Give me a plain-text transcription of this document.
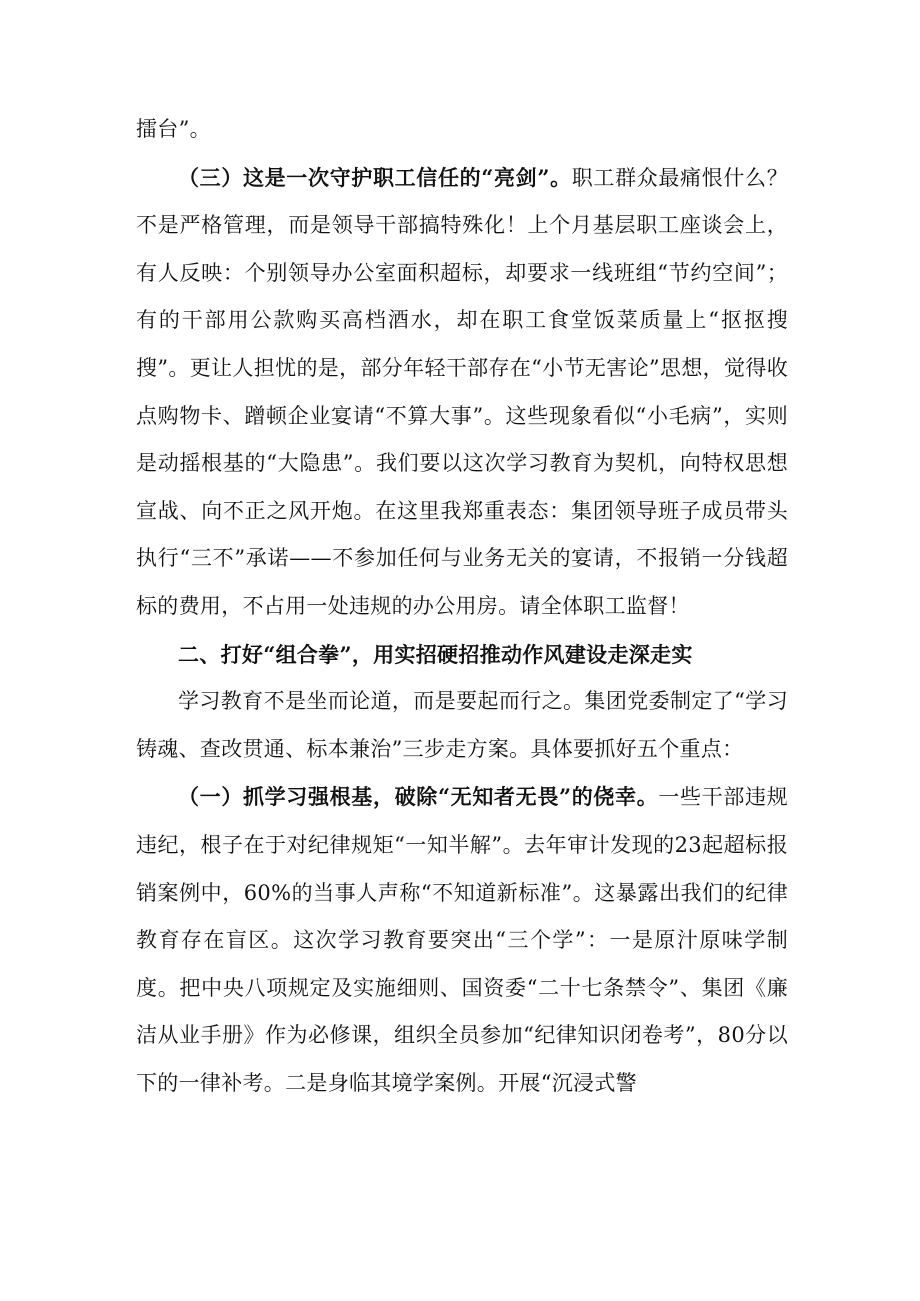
擂台”。

（三）这是一次守护职工信任的“亮剑”。职工群众最痛恨什么？不是严格管理，而是领导干部搞特殊化！上个月基层职工座谈会上，有人反映：个别领导办公室面积超标，却要求一线班组“节约空间”；有的干部用公款购买高档酒水，却在职工食堂饭菜质量上“抠抠搜搜”。更让人担忧的是，部分年轻干部存在“小节无害论”思想，觉得收点购物卡、蹭顿企业宴请“不算大事”。这些现象看似“小毛病”，实则是动摇根基的“大隐患”。我们要以这次学习教育为契机，向特权思想宣战、向不正之风开炮。在这里我郑重表态：集团领导班子成员带头执行“三不”承诺——不参加任何与业务无关的宴请，不报销一分钱超标的费用，不占用一处违规的办公用房。请全体职工监督！

二、打好“组合拳”，用实招硬招推动作风建设走深走实

学习教育不是坐而论道，而是要起而行之。集团党委制定了“学习铸魂、查改贯通、标本兼治”三步走方案。具体要抓好五个重点：

（一）抓学习强根基，破除“无知者无畏”的侥幸。一些干部违规违纪，根子在于对纪律规矩“一知半解”。去年审计发现的23起超标报销案例中，60%的当事人声称“不知道新标准”。这暴露出我们的纪律教育存在盲区。这次学习教育要突出“三个学”：一是原汁原味学制度。把中央八项规定及实施细则、国资委“二十七条禁令”、集团《廉洁从业手册》作为必修课，组织全员参加“纪律知识闭卷考”，80分以下的一律补考。二是身临其境学案例。开展“沉浸式警
